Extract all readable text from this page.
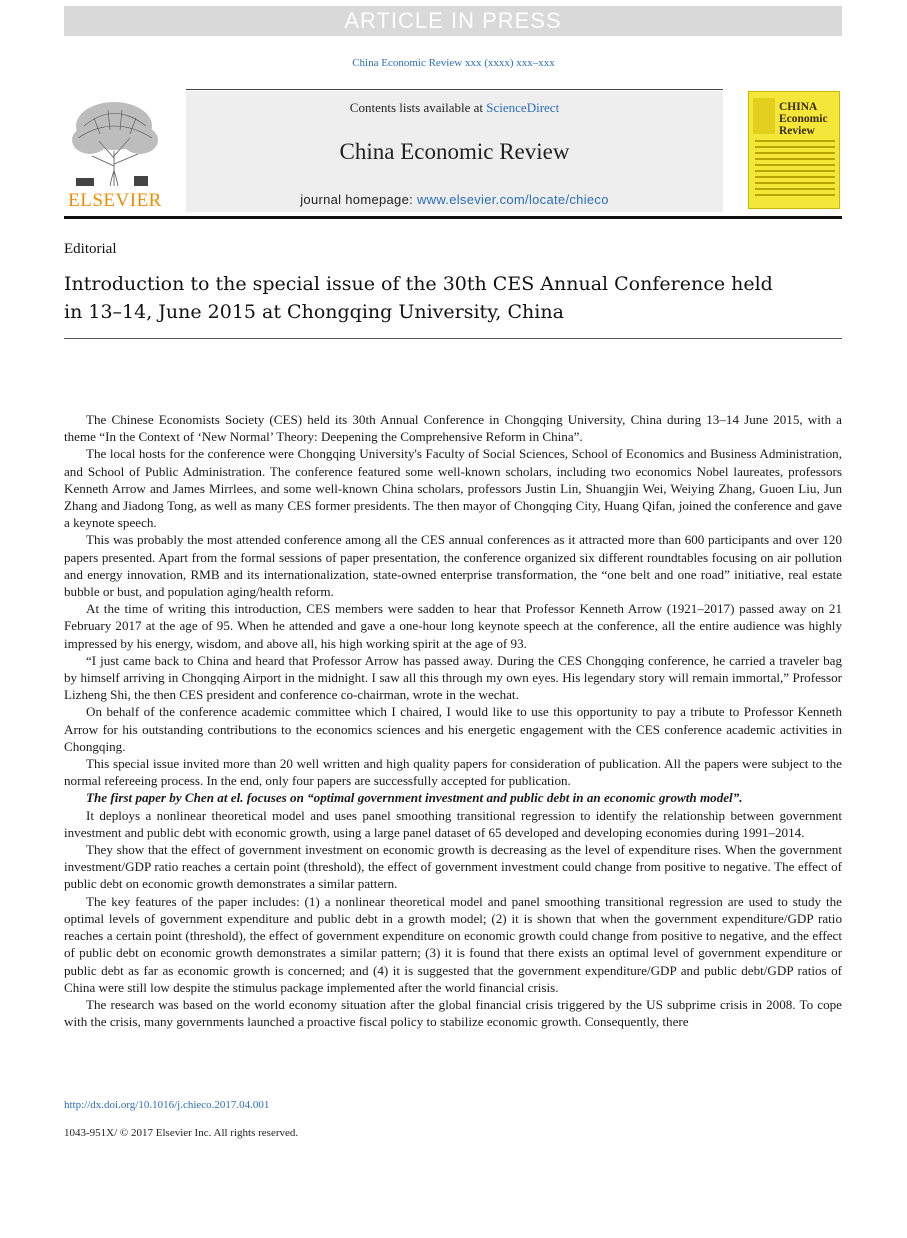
ARTICLE IN PRESS
China Economic Review xxx (xxxx) xxx–xxx
ELSEVIER
Contents lists available at ScienceDirect
China Economic Review
journal homepage: www.elsevier.com/locate/chieco
CHINA
Economic
Review
Editorial
Introduction to the special issue of the 30th CES Annual Conference held in 13–14, June 2015 at Chongqing University, China

The Chinese Economists Society (CES) held its 30th Annual Conference in Chongqing University, China during 13–14 June 2015, with a theme “In the Context of ‘New Normal’ Theory: Deepening the Comprehensive Reform in China”.

The local hosts for the conference were Chongqing University's Faculty of Social Sciences, School of Economics and Business Administration, and School of Public Administration. The conference featured some well-known scholars, including two economics Nobel laureates, professors Kenneth Arrow and James Mirrlees, and some well-known China scholars, professors Justin Lin, Shuangjin Wei, Weiying Zhang, Guoen Liu, Jun Zhang and Jiadong Tong, as well as many CES former presidents. The then mayor of Chongqing City, Huang Qifan, joined the conference and gave a keynote speech.

This was probably the most attended conference among all the CES annual conferences as it attracted more than 600 participants and over 120 papers presented. Apart from the formal sessions of paper presentation, the conference organized six different roundtables focusing on air pollution and energy innovation, RMB and its internationalization, state-owned enterprise transformation, the “one belt and one road” initiative, real estate bubble or bust, and population aging/health reform.

At the time of writing this introduction, CES members were sadden to hear that Professor Kenneth Arrow (1921–2017) passed away on 21 February 2017 at the age of 95. When he attended and gave a one-hour long keynote speech at the conference, all the entire audience was highly impressed by his energy, wisdom, and above all, his high working spirit at the age of 93.

“I just came back to China and heard that Professor Arrow has passed away. During the CES Chongqing conference, he carried a traveler bag by himself arriving in Chongqing Airport in the midnight. I saw all this through my own eyes. His legendary story will remain immortal,” Professor Lizheng Shi, the then CES president and conference co-chairman, wrote in the wechat.

On behalf of the conference academic committee which I chaired, I would like to use this opportunity to pay a tribute to Professor Kenneth Arrow for his outstanding contributions to the economics sciences and his energetic engagement with the CES conference academic activities in Chongqing.

This special issue invited more than 20 well written and high quality papers for consideration of publication. All the papers were subject to the normal refereeing process. In the end, only four papers are successfully accepted for publication.

The first paper by Chen at el. focuses on “optimal government investment and public debt in an economic growth model”.

It deploys a nonlinear theoretical model and uses panel smoothing transitional regression to identify the relationship between government investment and public debt with economic growth, using a large panel dataset of 65 developed and developing economies during 1991–2014.

They show that the effect of government investment on economic growth is decreasing as the level of expenditure rises. When the government investment/GDP ratio reaches a certain point (threshold), the effect of government investment could change from positive to negative. The effect of public debt on economic growth demonstrates a similar pattern.

The key features of the paper includes: (1) a nonlinear theoretical model and panel smoothing transitional regression are used to study the optimal levels of government expenditure and public debt in a growth model; (2) it is shown that when the government expenditure/GDP ratio reaches a certain point (threshold), the effect of government expenditure on economic growth could change from positive to negative, and the effect of public debt on economic growth demonstrates a similar pattern; (3) it is found that there exists an optimal level of government expenditure or public debt as far as economic growth is concerned; and (4) it is suggested that the government expenditure/GDP and public debt/GDP ratios of China were still low despite the stimulus package implemented after the world financial crisis.

The research was based on the world economy situation after the global financial crisis triggered by the US subprime crisis in 2008. To cope with the crisis, many governments launched a proactive fiscal policy to stabilize economic growth. Consequently, there

http://dx.doi.org/10.1016/j.chieco.2017.04.001
1043-951X/ © 2017 Elsevier Inc. All rights reserved.
